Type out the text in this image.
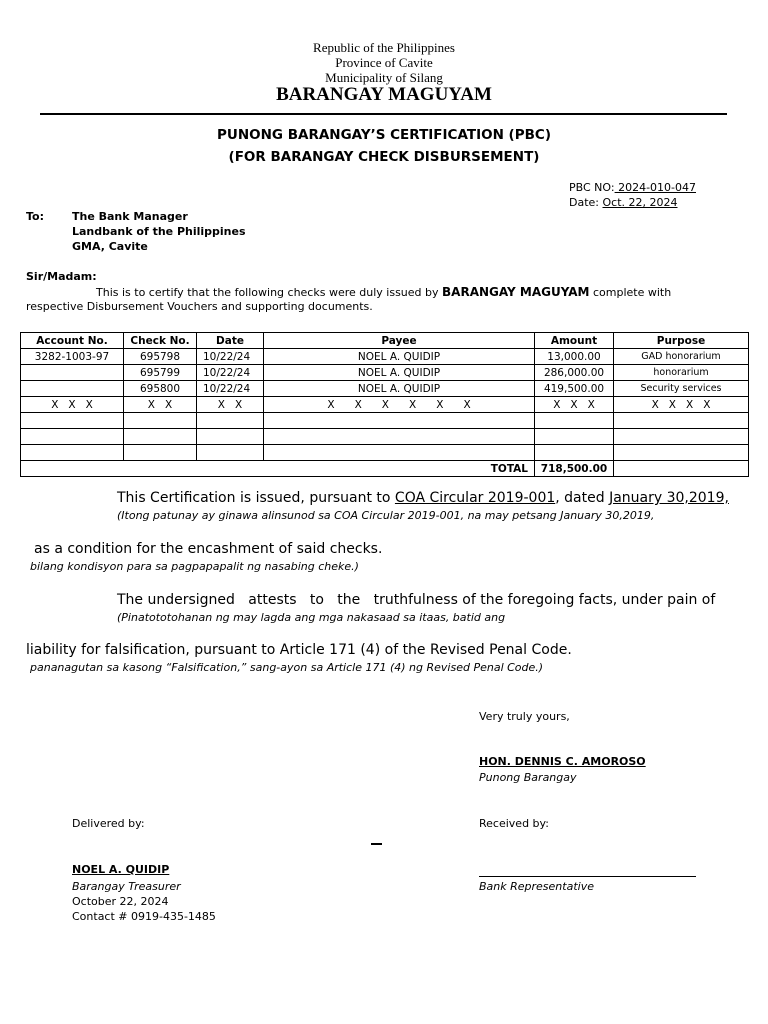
Republic of the Philippines
Province of Cavite
Municipality of Silang
BARANGAY MAGUYAM
PUNONG BARANGAY’S CERTIFICATION (PBC)
(FOR BARANGAY CHECK DISBURSEMENT)
PBC NO: 2024-010-047
Date: Oct. 22, 2024
To:	The Bank Manager
Landbank of the Philippines
GMA, Cavite
Sir/Madam:
This is to certify that the following checks were duly issued by BARANGAY MAGUYAM complete with
respective Disbursement Vouchers and supporting documents.
Account No.	Check No.	Date	Payee	Amount	Purpose
3282-1003-97	695798	10/22/24	NOEL A. QUIDIP	13,000.00	GAD honorarium
	695799	10/22/24	NOEL A. QUIDIP	286,000.00	honorarium
	695800	10/22/24	NOEL A. QUIDIP	419,500.00	Security services
X   X   X	X   X	X   X	X      X      X      X      X      X	X   X   X	X   X   X   X

TOTAL				718,500.00	
This Certification is issued, pursuant to COA Circular 2019-001, dated January 30,2019,
(Itong patunay ay ginawa alinsunod sa COA Circular 2019-001, na may petsang January 30,2019,
as a condition for the encashment of said checks.
bilang kondisyon para sa pagpapapalit ng nasabing cheke.)
The undersigned   attests   to   the   truthfulness of the foregoing facts, under pain of
(Pinatototohanan ng may lagda ang mga nakasaad sa itaas, batid ang
liability for falsification, pursuant to Article 171 (4) of the Revised Penal Code.
pananagutan sa kasong “Falsification,” sang-ayon sa Article 171 (4) ng Revised Penal Code.)
Very truly yours,
HON. DENNIS C. AMOROSO
Punong Barangay
Delivered by:
NOEL A. QUIDIP
Barangay Treasurer
October 22, 2024
Contact # 0919-435-1485
Received by:
Bank Representative
